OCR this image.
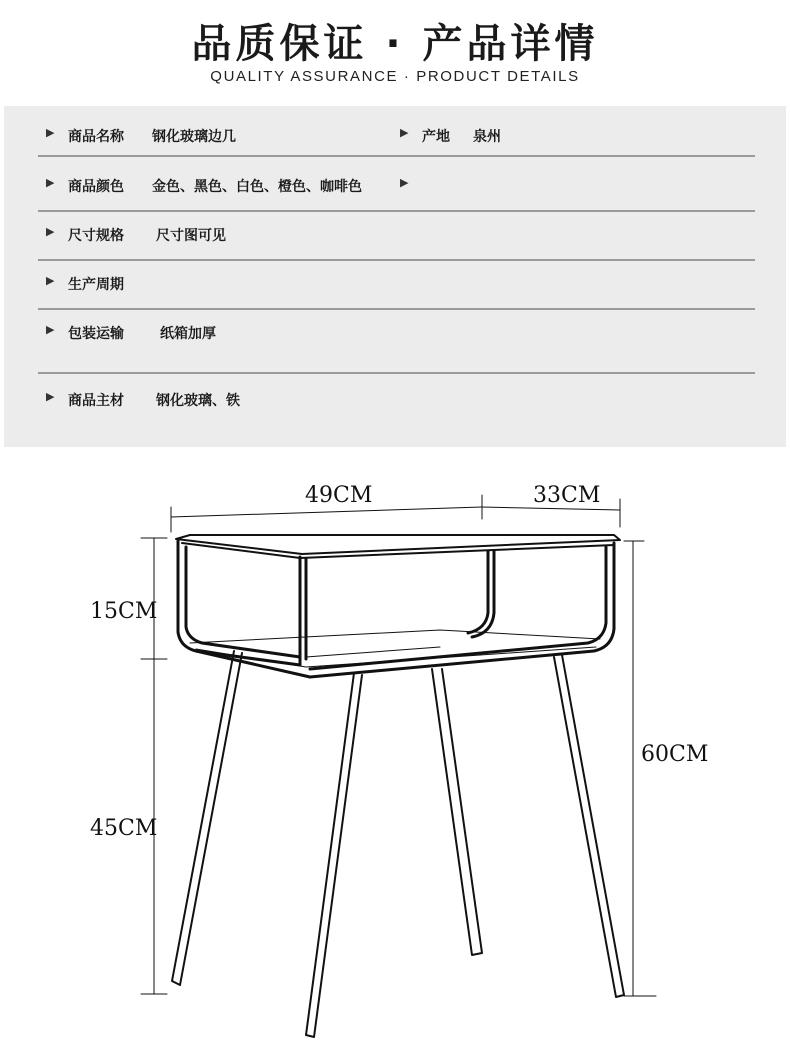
品质保证 · 产品详情
QUALITY ASSURANCE · PRODUCT DETAILS
▶ 商品名称 钢化玻璃边几	▶ 产地 泉州
▶ 商品颜色 金色、黑色、白色、橙色、咖啡色	▶
▶ 尺寸规格 尺寸图可见
▶ 生产周期
▶ 包装运输	纸箱加厚
▶ 商品主材 钢化玻璃、铁
49CM	33CM
15CM
45CM
60CM
